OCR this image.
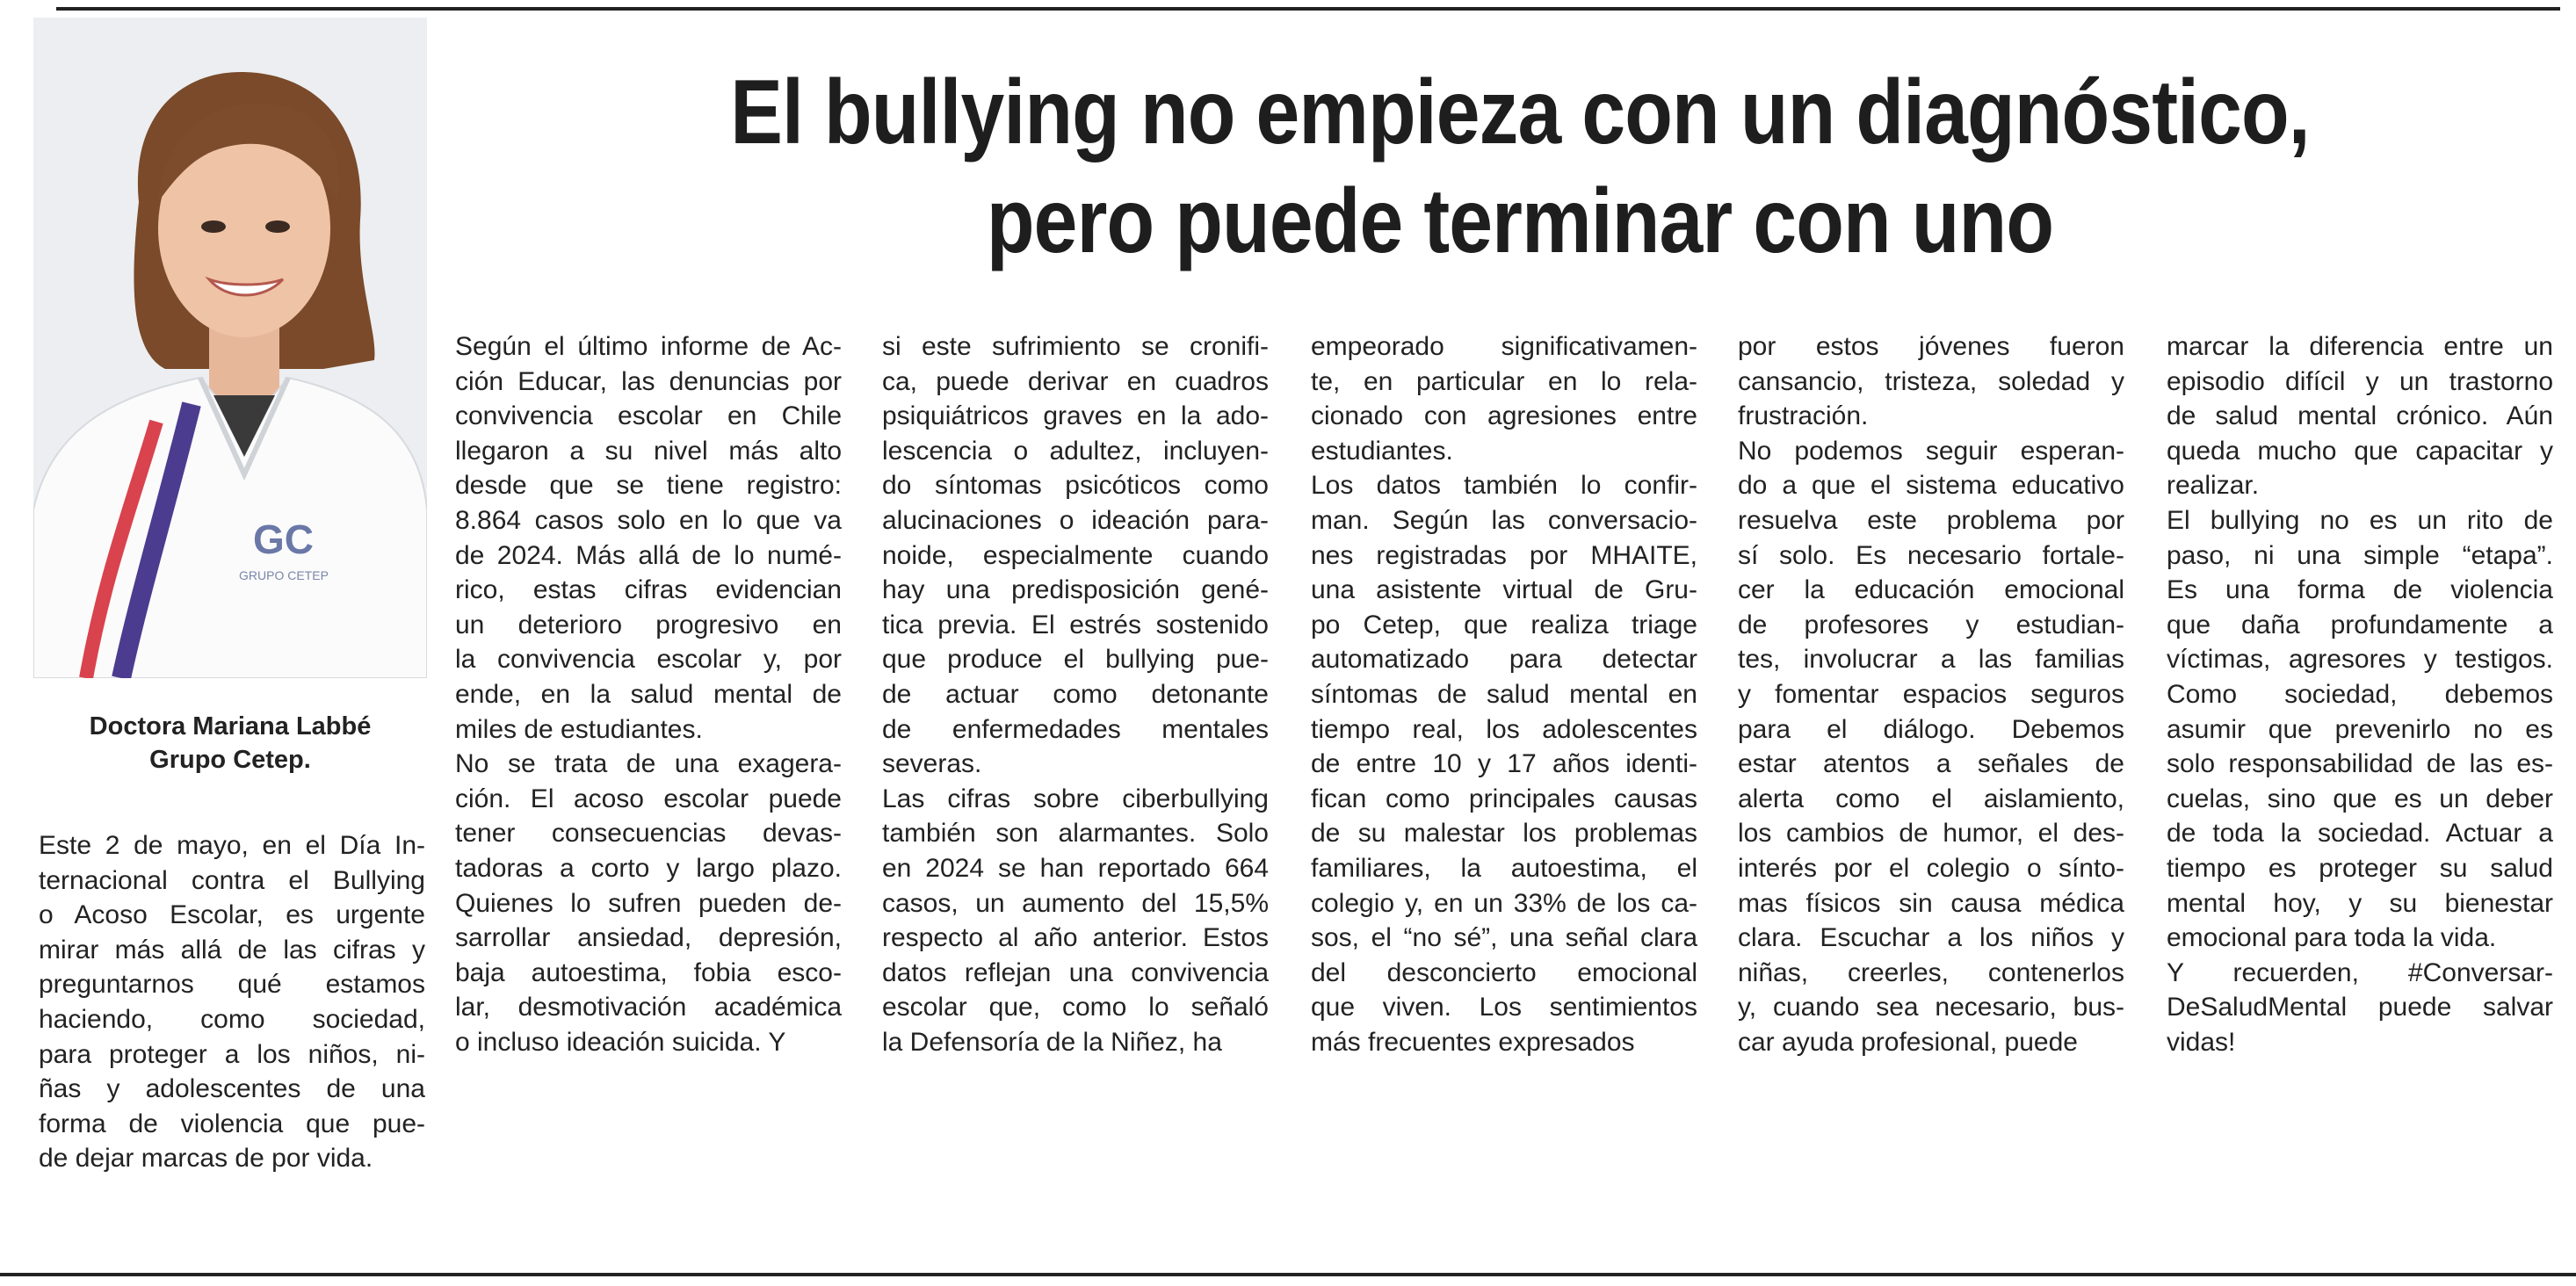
GC
GRUPO CETEP
Doctora Mariana Labbé
Grupo Cetep.
El bullying no empieza con un diagnóstico,
pero puede terminar con uno
Este 2 de mayo, en el Día In-
ternacional contra el Bullying
o Acoso Escolar, es urgente
mirar más allá de las cifras y
preguntarnos qué estamos
haciendo, como sociedad,
para proteger a los niños, ni-
ñas y adolescentes de una
forma de violencia que pue-
de dejar marcas de por vida.
Según el último informe de Ac-
ción Educar, las denuncias por
convivencia escolar en Chile
llegaron a su nivel más alto
desde que se tiene registro:
8.864 casos solo en lo que va
de 2024. Más allá de lo numé-
rico, estas cifras evidencian
un deterioro progresivo en
la convivencia escolar y, por
ende, en la salud mental de
miles de estudiantes.
No se trata de una exagera-
ción. El acoso escolar puede
tener consecuencias devas-
tadoras a corto y largo plazo.
Quienes lo sufren pueden de-
sarrollar ansiedad, depresión,
baja autoestima, fobia esco-
lar, desmotivación académica
o incluso ideación suicida. Y
si este sufrimiento se cronifi-
ca, puede derivar en cuadros
psiquiátricos graves en la ado-
lescencia o adultez, incluyen-
do síntomas psicóticos como
alucinaciones o ideación para-
noide, especialmente cuando
hay una predisposición gené-
tica previa. El estrés sostenido
que produce el bullying pue-
de actuar como detonante
de enfermedades mentales
severas.
Las cifras sobre ciberbullying
también son alarmantes. Solo
en 2024 se han reportado 664
casos, un aumento del 15,5%
respecto al año anterior. Estos
datos reflejan una convivencia
escolar que, como lo señaló
la Defensoría de la Niñez, ha
empeorado significativamen-
te, en particular en lo rela-
cionado con agresiones entre
estudiantes.
Los datos también lo confir-
man. Según las conversacio-
nes registradas por MHAITE,
una asistente virtual de Gru-
po Cetep, que realiza triage
automatizado para detectar
síntomas de salud mental en
tiempo real, los adolescentes
de entre 10 y 17 años identi-
fican como principales causas
de su malestar los problemas
familiares, la autoestima, el
colegio y, en un 33% de los ca-
sos, el “no sé”, una señal clara
del desconcierto emocional
que viven. Los sentimientos
más frecuentes expresados
por estos jóvenes fueron
cansancio, tristeza, soledad y
frustración.
No podemos seguir esperan-
do a que el sistema educativo
resuelva este problema por
sí solo. Es necesario fortale-
cer la educación emocional
de profesores y estudian-
tes, involucrar a las familias
y fomentar espacios seguros
para el diálogo. Debemos
estar atentos a señales de
alerta como el aislamiento,
los cambios de humor, el des-
interés por el colegio o sínto-
mas físicos sin causa médica
clara. Escuchar a los niños y
niñas, creerles, contenerlos
y, cuando sea necesario, bus-
car ayuda profesional, puede
marcar la diferencia entre un
episodio difícil y un trastorno
de salud mental crónico. Aún
queda mucho que capacitar y
realizar.
El bullying no es un rito de
paso, ni una simple “etapa”.
Es una forma de violencia
que daña profundamente a
víctimas, agresores y testigos.
Como sociedad, debemos
asumir que prevenirlo no es
solo responsabilidad de las es-
cuelas, sino que es un deber
de toda la sociedad. Actuar a
tiempo es proteger su salud
mental hoy, y su bienestar
emocional para toda la vida.
Y recuerden, #Conversar-
DeSaludMental puede salvar
vidas!
